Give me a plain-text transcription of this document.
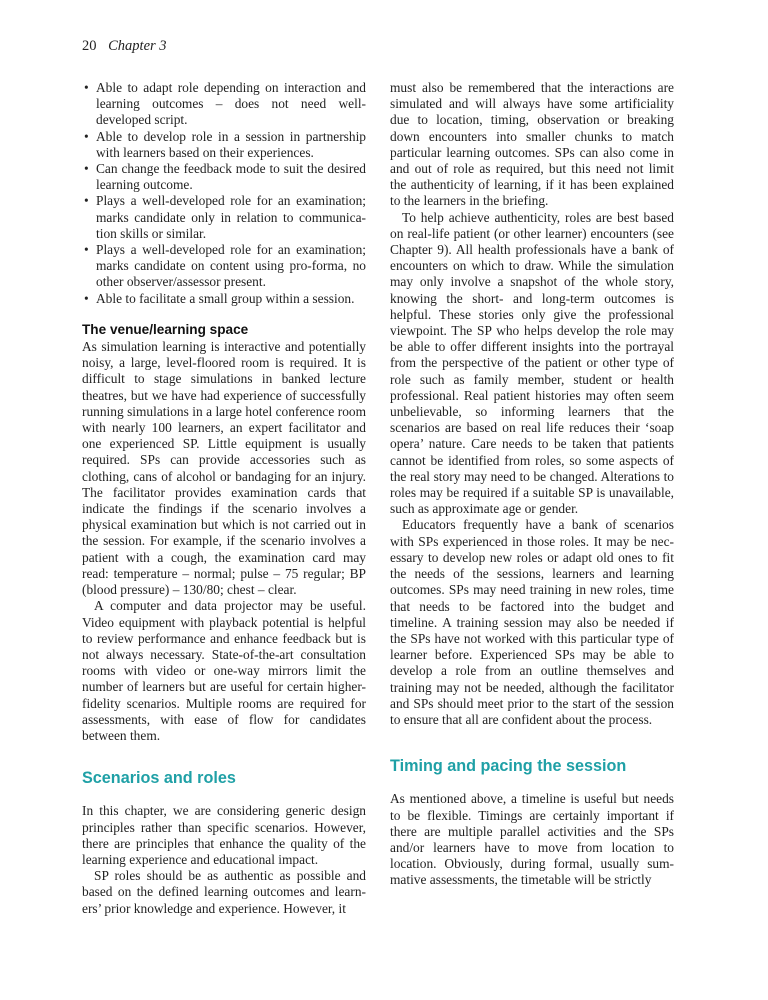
20 Chapter 3
• Able to adapt role depending on interaction and learning outcomes – does not need well-developed script.
• Able to develop role in a session in partnership with learners based on their experiences.
• Can change the feedback mode to suit the desired learning outcome.
• Plays a well-developed role for an examination; marks candidate only in relation to communication skills or similar.
• Plays a well-developed role for an examination; marks candidate on content using pro-forma, no other observer/assessor present.
• Able to facilitate a small group within a session.
The venue/learning space

As simulation learning is interactive and potentially noisy, a large, level-floored room is required. It is difficult to stage simulations in banked lecture theatres, but we have had experience of successfully running simulations in a large hotel conference room with nearly 100 learners, an expert facilitator and one experienced SP. Little equipment is usually required. SPs can provide accessories such as clothing, cans of alcohol or bandaging for an injury. The facilitator provides examination cards that indicate the findings if the scenario involves a physical examination but which is not carried out in the session. For example, if the scenario involves a patient with a cough, the examination card may read: temperature – normal; pulse – 75 regular; BP (blood pressure) – 130/80; chest – clear.

A computer and data projector may be useful. Video equipment with playback potential is helpful to review performance and enhance feedback but is not always necessary. State-of-the-art consultation rooms with video or one-way mirrors limit the number of learners but are useful for certain higher-fidelity scenarios. Multiple rooms are required for assessments, with ease of flow for candidates between them.

Scenarios and roles

In this chapter, we are considering generic design principles rather than specific scenarios. However, there are principles that enhance the quality of the learning experience and educational impact.

SP roles should be as authentic as possible and based on the defined learning outcomes and learners’ prior knowledge and experience. However, it

must also be remembered that the interactions are simulated and will always have some artificiality due to location, timing, observation or breaking down encounters into smaller chunks to match particular learning outcomes. SPs can also come in and out of role as required, but this need not limit the authenticity of learning, if it has been explained to the learners in the briefing.

To help achieve authenticity, roles are best based on real-life patient (or other learner) encounters (see Chapter 9). All health professionals have a bank of encounters on which to draw. While the simulation may only involve a snapshot of the whole story, knowing the short- and long-term outcomes is helpful. These stories only give the professional viewpoint. The SP who helps develop the role may be able to offer different insights into the portrayal from the perspective of the patient or other type of role such as family member, student or health professional. Real patient histories may often seem unbelievable, so informing learners that the scenarios are based on real life reduces their ‘soap opera’ nature. Care needs to be taken that patients cannot be identified from roles, so some aspects of the real story may need to be changed. Alterations to roles may be required if a suitable SP is unavailable, such as approximate age or gender.

Educators frequently have a bank of scenarios with SPs experienced in those roles. It may be necessary to develop new roles or adapt old ones to fit the needs of the sessions, learners and learning outcomes. SPs may need training in new roles, time that needs to be factored into the budget and timeline. A training session may also be needed if the SPs have not worked with this particular type of learner before. Experienced SPs may be able to develop a role from an outline themselves and training may not be needed, although the facilitator and SPs should meet prior to the start of the session to ensure that all are confident about the process.

Timing and pacing the session

As mentioned above, a timeline is useful but needs to be flexible. Timings are certainly important if there are multiple parallel activities and the SPs and/or learners have to move from location to location. Obviously, during formal, usually summative assessments, the timetable will be strictly
